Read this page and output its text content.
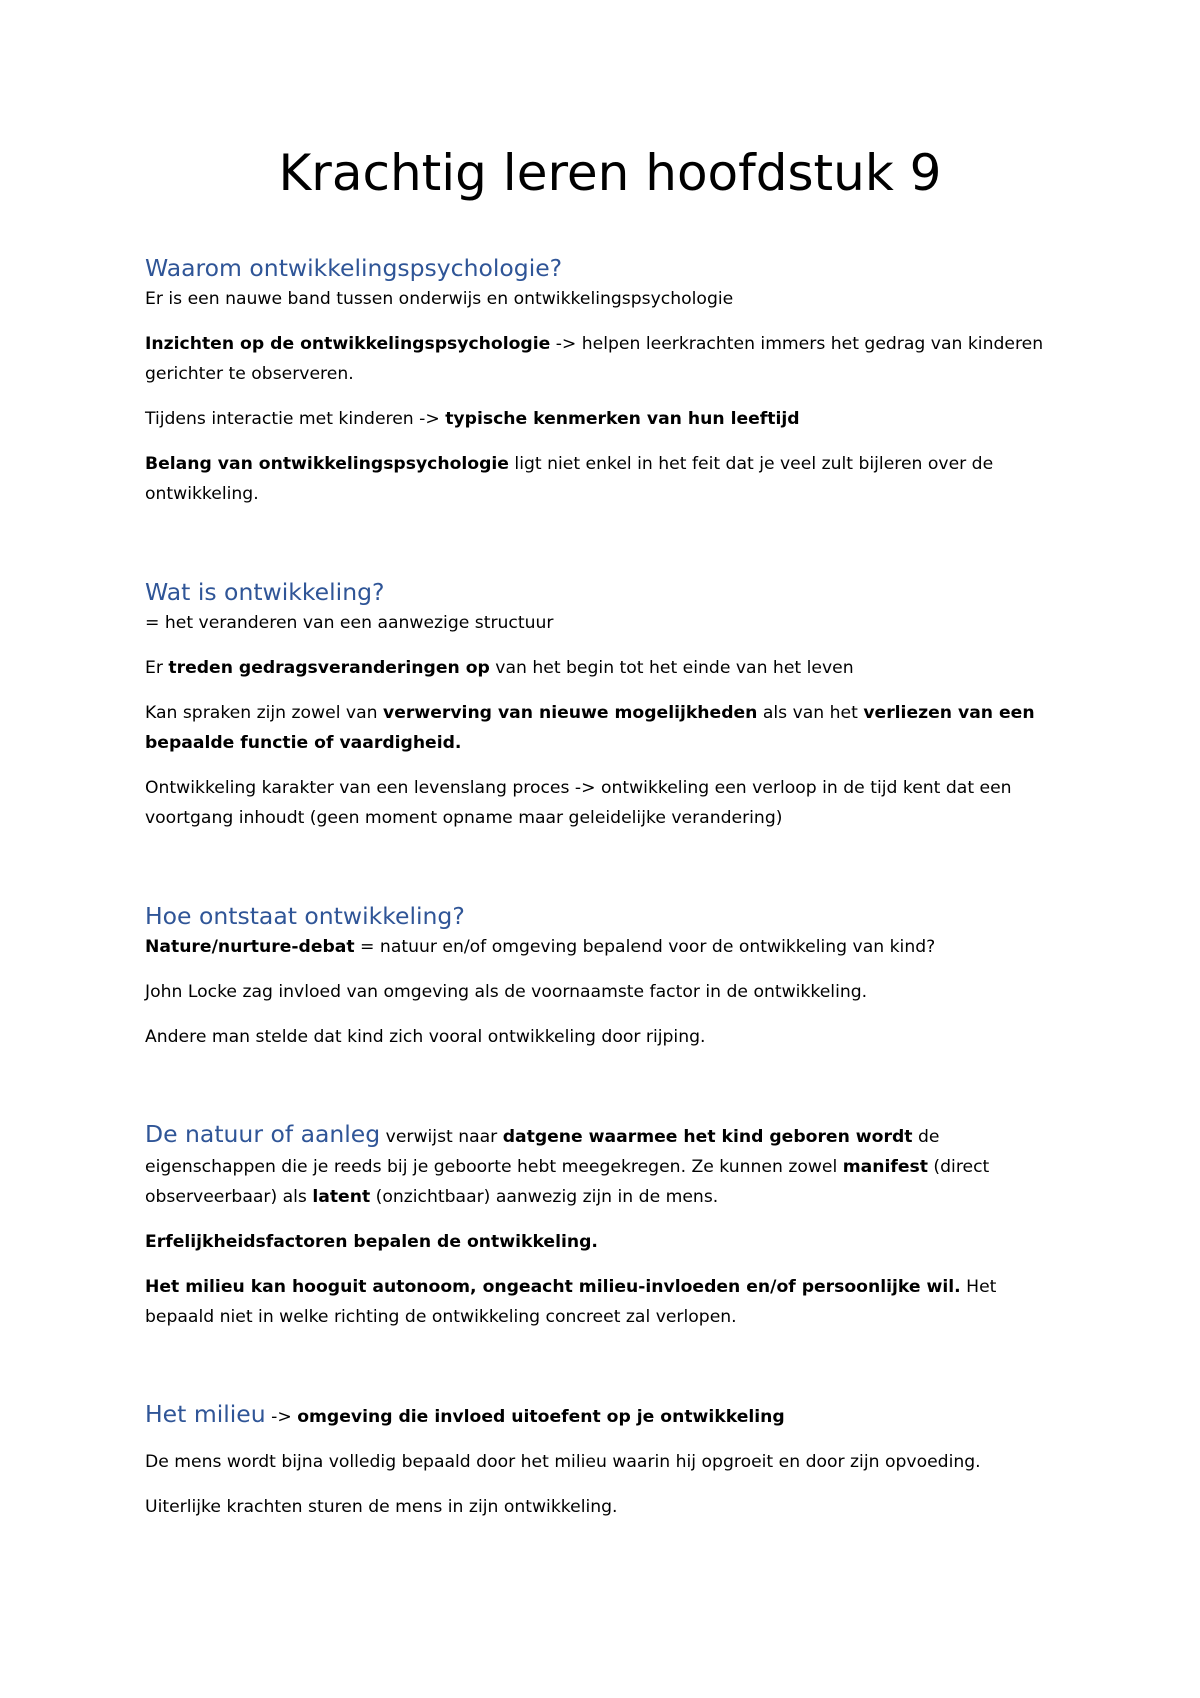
Krachtig leren hoofdstuk 9
Waarom ontwikkelingspsychologie?

Er is een nauwe band tussen onderwijs en ontwikkelingspsychologie

Inzichten op de ontwikkelingspsychologie -> helpen leerkrachten immers het gedrag van kinderen gerichter te observeren.

Tijdens interactie met kinderen -> typische kenmerken van hun leeftijd

Belang van ontwikkelingspsychologie ligt niet enkel in het feit dat je veel zult bijleren over de ontwikkeling.

Wat is ontwikkeling?

= het veranderen van een aanwezige structuur

Er treden gedragsveranderingen op van het begin tot het einde van het leven

Kan spraken zijn zowel van verwerving van nieuwe mogelijkheden als van het verliezen van een bepaalde functie of vaardigheid.

Ontwikkeling karakter van een levenslang proces -> ontwikkeling een verloop in de tijd kent dat een voortgang inhoudt (geen moment opname maar geleidelijke verandering)

Hoe ontstaat ontwikkeling?

Nature/nurture-debat = natuur en/of omgeving bepalend voor de ontwikkeling van kind?

John Locke zag invloed van omgeving als de voornaamste factor in de ontwikkeling.

Andere man stelde dat kind zich vooral ontwikkeling door rijping.

De natuur of aanleg verwijst naar datgene waarmee het kind geboren wordt de eigenschappen die je reeds bij je geboorte hebt meegekregen. Ze kunnen zowel manifest (direct observeerbaar) als latent (onzichtbaar) aanwezig zijn in de mens.

Erfelijkheidsfactoren bepalen de ontwikkeling.

Het milieu kan hooguit autonoom, ongeacht milieu-invloeden en/of persoonlijke wil. Het bepaald niet in welke richting de ontwikkeling concreet zal verlopen.

Het milieu -> omgeving die invloed uitoefent op je ontwikkeling

De mens wordt bijna volledig bepaald door het milieu waarin hij opgroeit en door zijn opvoeding.

Uiterlijke krachten sturen de mens in zijn ontwikkeling.
